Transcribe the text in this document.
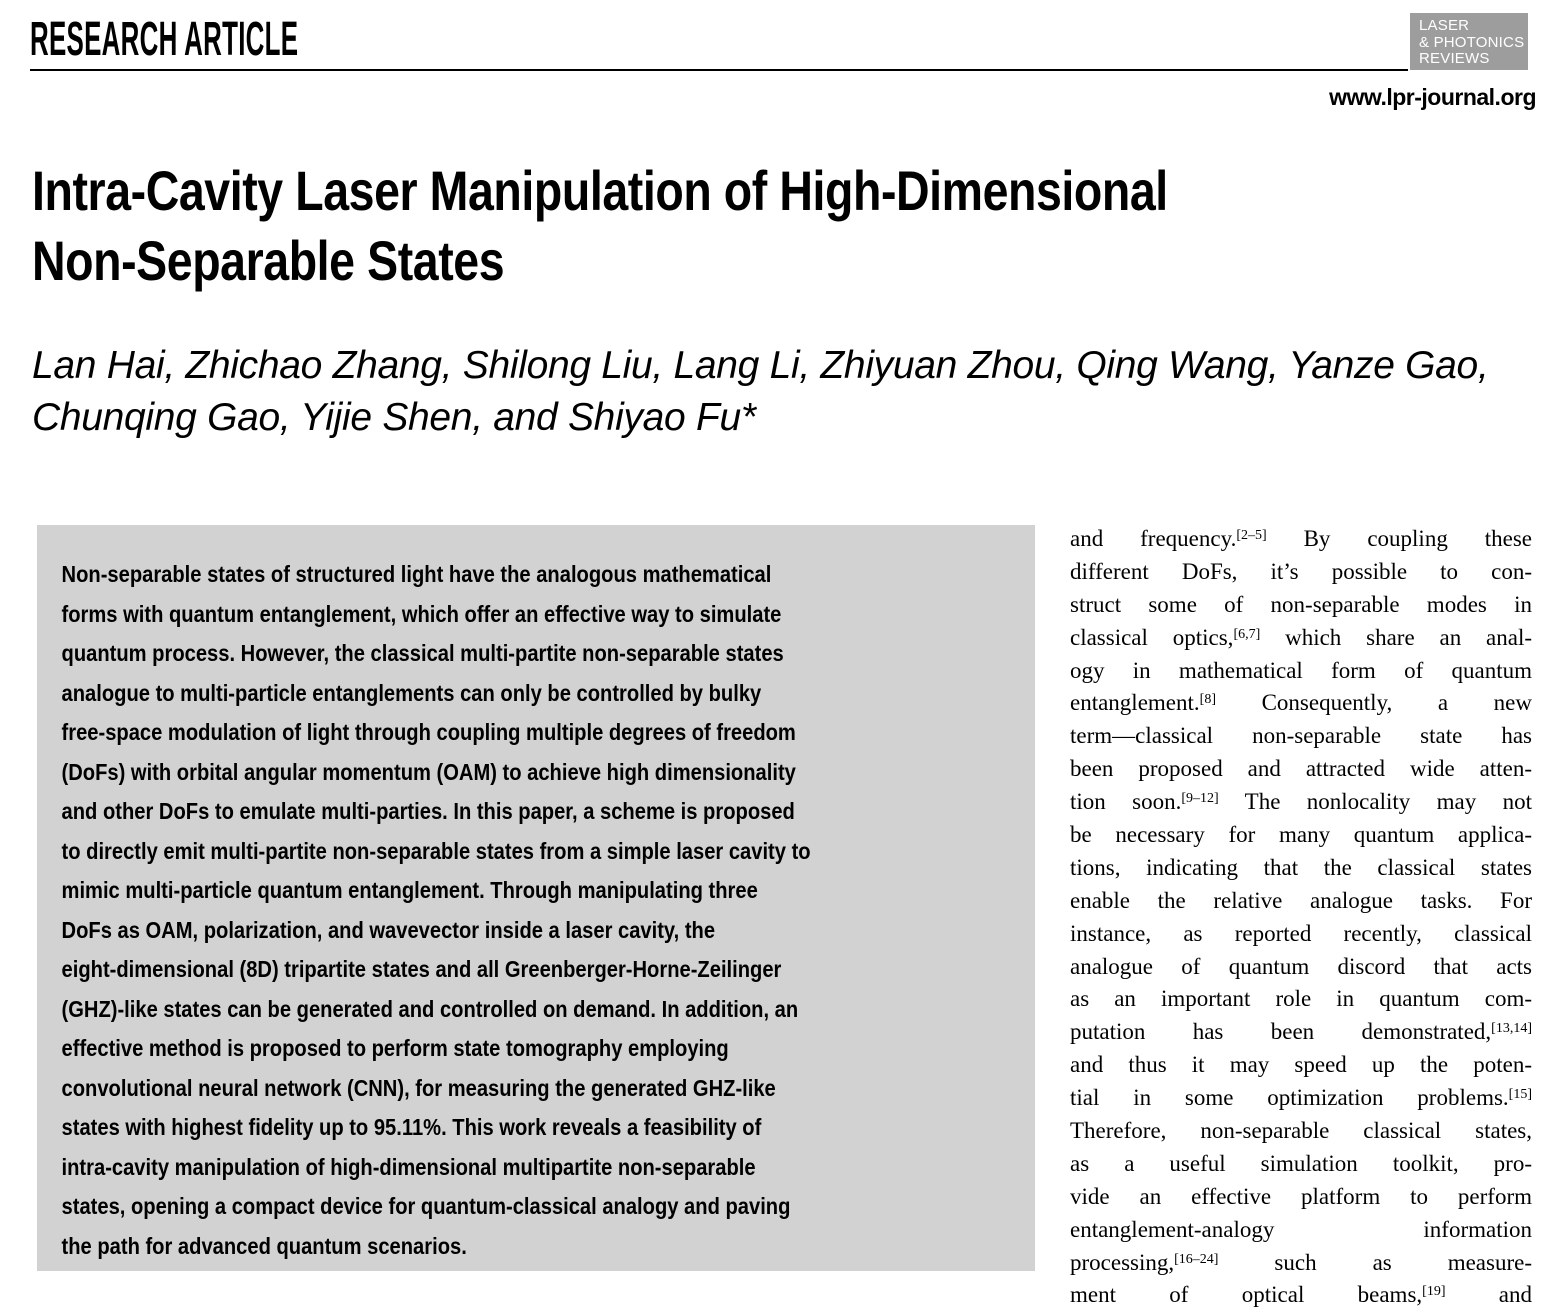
RESEARCH ARTICLE	LASER
& PHOTONICS
REVIEWS
www.lpr-journal.org
Intra-Cavity Laser Manipulation of High-Dimensional
Non-Separable States
Lan Hai, Zhichao Zhang, Shilong Liu, Lang Li, Zhiyuan Zhou, Qing Wang, Yanze Gao,
Chunqing Gao, Yijie Shen, and Shiyao Fu*
Non-separable states of structured light have the analogous mathematical
forms with quantum entanglement, which offer an effective way to simulate
quantum process. However, the classical multi-partite non-separable states
analogue to multi-particle entanglements can only be controlled by bulky
free-space modulation of light through coupling multiple degrees of freedom
(DoFs) with orbital angular momentum (OAM) to achieve high dimensionality
and other DoFs to emulate multi-parties. In this paper, a scheme is proposed
to directly emit multi-partite non-separable states from a simple laser cavity to
mimic multi-particle quantum entanglement. Through manipulating three
DoFs as OAM, polarization, and wavevector inside a laser cavity, the
eight-dimensional (8D) tripartite states and all Greenberger-Horne-Zeilinger
(GHZ)-like states can be generated and controlled on demand. In addition, an
effective method is proposed to perform state tomography employing
convolutional neural network (CNN), for measuring the generated GHZ-like
states with highest fidelity up to 95.11%. This work reveals a feasibility of
intra-cavity manipulation of high-dimensional multipartite non-separable
states, opening a compact device for quantum-classical analogy and paving
the path for advanced quantum scenarios.
and frequency.[2–5] By coupling these
different DoFs, it’s possible to con-
struct some of non-separable modes in
classical optics,[6,7] which share an anal-
ogy in mathematical form of quantum
entanglement.[8] Consequently, a new
term—classical non-separable state has
been proposed and attracted wide atten-
tion soon.[9–12] The nonlocality may not
be necessary for many quantum applica-
tions, indicating that the classical states
enable the relative analogue tasks. For
instance, as reported recently, classical
analogue of quantum discord that acts
as an important role in quantum com-
putation has been demonstrated,[13,14]
and thus it may speed up the poten-
tial in some optimization problems.[15]
Therefore, non-separable classical states,
as a useful simulation toolkit, pro-
vide an effective platform to perform
entanglement-analogy information
processing,[16–24] such as measure-
ment of optical beams,[19] and
